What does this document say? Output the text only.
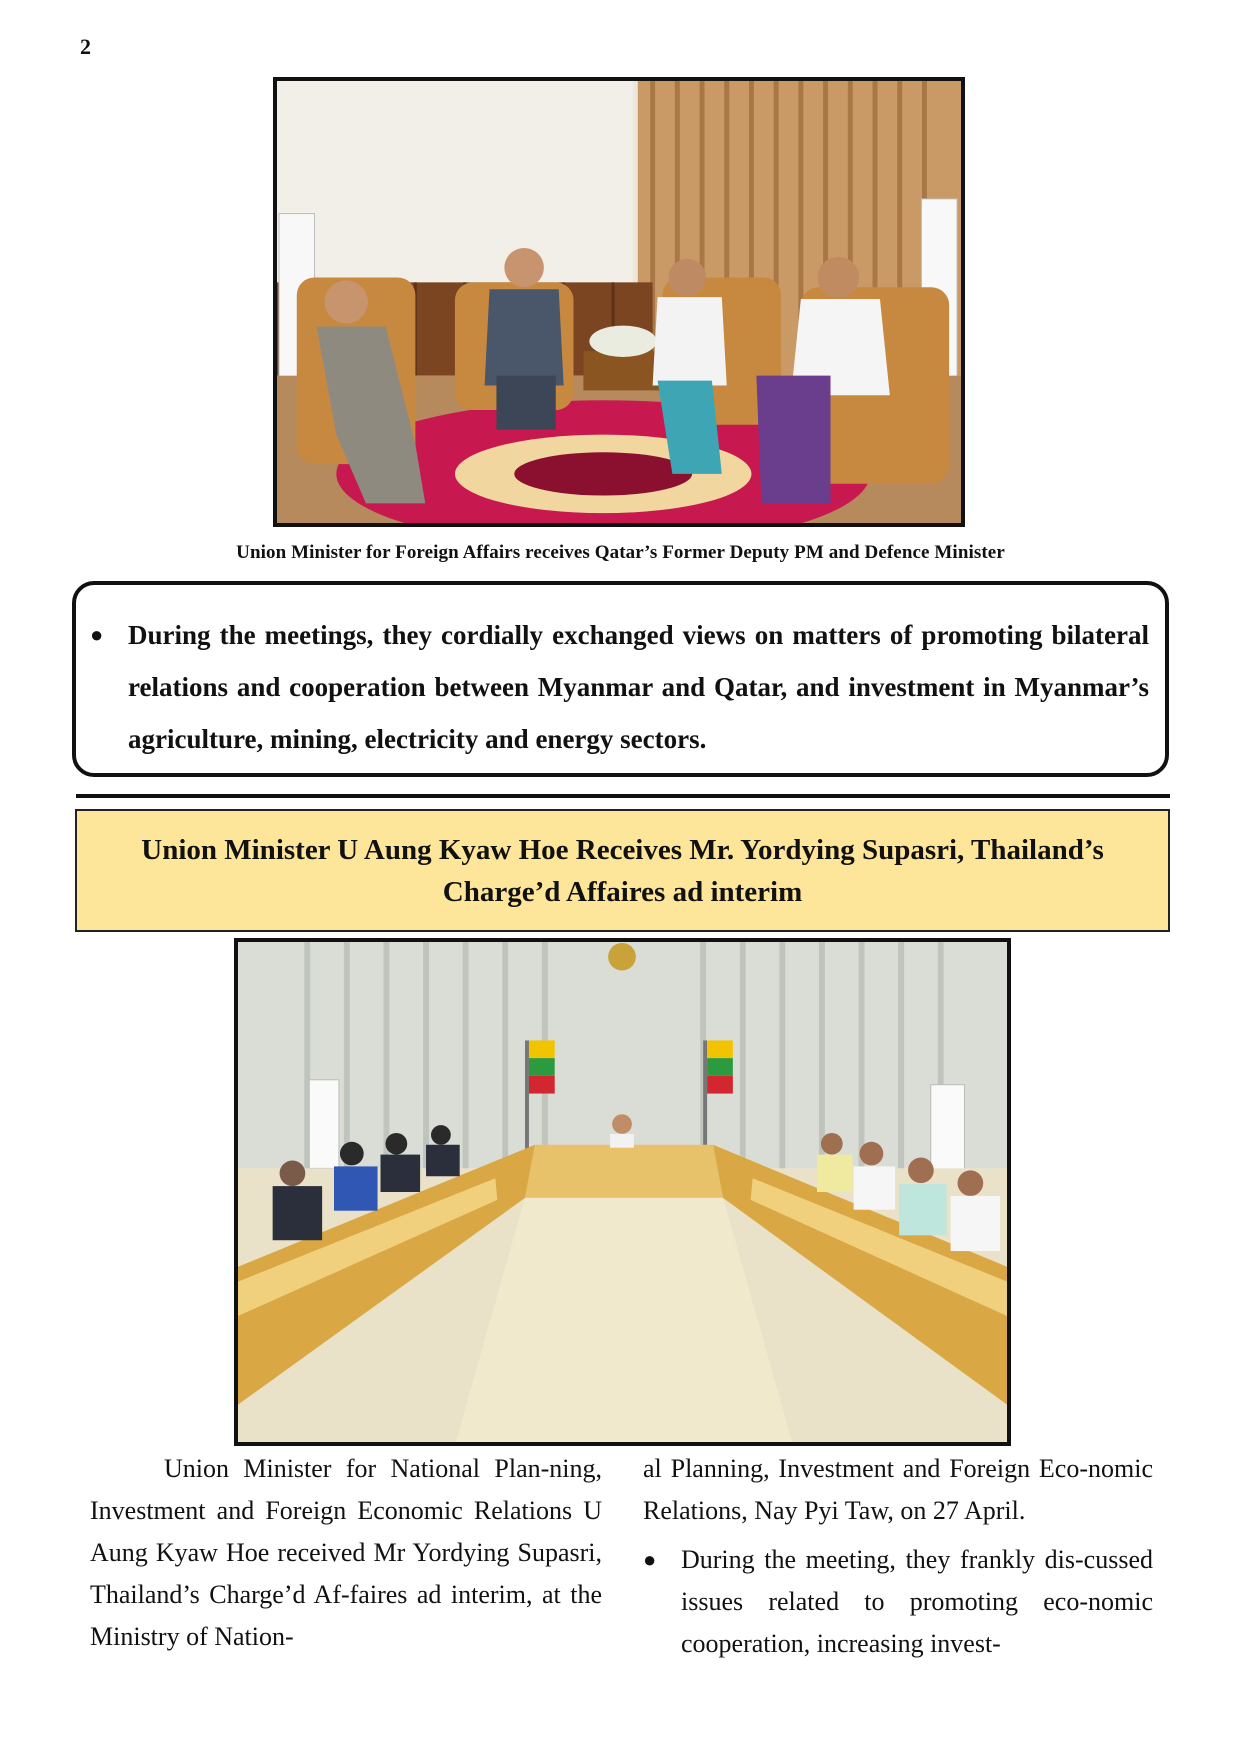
2
Union Minister for Foreign Affairs receives Qatar’s Former Deputy PM and Defence Minister
● During the meetings, they cordially exchanged views on matters of promoting bilateral relations and cooperation between Myanmar and Qatar, and investment in Myanmar’s agriculture, mining, electricity and energy sectors.
Union Minister U Aung Kyaw Hoe Receives Mr. Yordying Supasri, Thailand’s Charge’d Affaires ad interim

Union Minister for National Plan-ning, Investment and Foreign Economic Relations U Aung Kyaw Hoe received Mr Yordying Supasri, Thailand’s Charge’d Af-faires ad interim, at the Ministry of Nation-

al Planning, Investment and Foreign Eco-nomic Relations, Nay Pyi Taw, on 27 April.

● During the meeting, they frankly dis-cussed issues related to promoting eco-nomic cooperation, increasing invest-
